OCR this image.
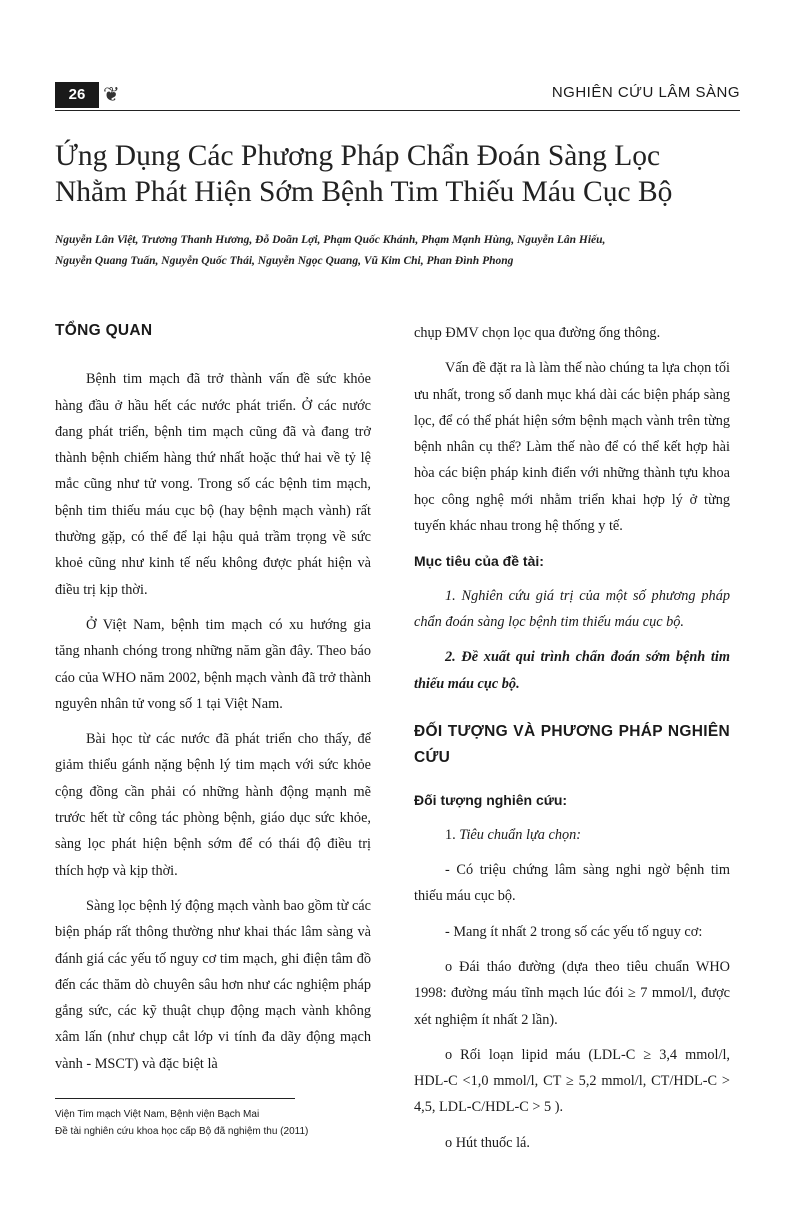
26 ❦	NGHIÊN CỨU LÂM SÀNG
Ứng Dụng Các Phương Pháp Chẩn Đoán Sàng Lọc
Nhằm Phát Hiện Sớm Bệnh Tim Thiếu Máu Cục Bộ
Nguyễn Lân Việt, Trương Thanh Hương, Đỗ Doãn Lợi, Phạm Quốc Khánh, Phạm Mạnh Hùng, Nguyễn Lân Hiếu,
Nguyễn Quang Tuấn, Nguyễn Quốc Thái, Nguyễn Ngọc Quang, Vũ Kim Chi, Phan Đình Phong
TỔNG QUAN

Bệnh tim mạch đã trở thành vấn đề sức khỏe hàng đầu ở hầu hết các nước phát triển. Ở các nước đang phát triển, bệnh tim mạch cũng đã và đang trở thành bệnh chiếm hàng thứ nhất hoặc thứ hai về tỷ lệ mắc cũng như tử vong. Trong số các bệnh tim mạch, bệnh tim thiếu máu cục bộ (hay bệnh mạch vành) rất thường gặp, có thể để lại hậu quả trầm trọng về sức khoẻ cũng như kinh tế nếu không được phát hiện và điều trị kịp thời.

Ở Việt Nam, bệnh tim mạch có xu hướng gia tăng nhanh chóng trong những năm gần đây. Theo báo cáo của WHO năm 2002, bệnh mạch vành đã trở thành nguyên nhân tử vong số 1 tại Việt Nam.

Bài học từ các nước đã phát triển cho thấy, để giảm thiểu gánh nặng bệnh lý tim mạch với sức khỏe cộng đồng cần phải có những hành động mạnh mẽ trước hết từ công tác phòng bệnh, giáo dục sức khỏe, sàng lọc phát hiện bệnh sớm để có thái độ điều trị thích hợp và kịp thời.

Sàng lọc bệnh lý động mạch vành bao gồm từ các biện pháp rất thông thường như khai thác lâm sàng và đánh giá các yếu tố nguy cơ tim mạch, ghi điện tâm đồ đến các thăm dò chuyên sâu hơn như các nghiệm pháp gắng sức, các kỹ thuật chụp động mạch vành không xâm lấn (như chụp cắt lớp vi tính đa dãy động mạch vành - MSCT) và đặc biệt là

chụp ĐMV chọn lọc qua đường ống thông.

Vấn đề đặt ra là làm thế nào chúng ta lựa chọn tối ưu nhất, trong số danh mục khá dài các biện pháp sàng lọc, để có thể phát hiện sớm bệnh mạch vành trên từng bệnh nhân cụ thể? Làm thế nào để có thể kết hợp hài hòa các biện pháp kinh điển với những thành tựu khoa học công nghệ mới nhằm triển khai hợp lý ở từng tuyến khác nhau trong hệ thống y tế.

Mục tiêu của đề tài:

1. Nghiên cứu giá trị của một số phương pháp chẩn đoán sàng lọc bệnh tim thiếu máu cục bộ.

2. Đề xuất qui trình chẩn đoán sớm bệnh tim thiếu máu cục bộ.

ĐỐI TƯỢNG VÀ PHƯƠNG PHÁP NGHIÊN CỨU
Đối tượng nghiên cứu:

1. Tiêu chuẩn lựa chọn:

- Có triệu chứng lâm sàng nghi ngờ bệnh tim thiếu máu cục bộ.

- Mang ít nhất 2 trong số các yếu tố nguy cơ:

o Đái tháo đường (dựa theo tiêu chuẩn WHO 1998: đường máu tĩnh mạch lúc đói ≥ 7 mmol/l, được xét nghiệm ít nhất 2 lần).

o Rối loạn lipid máu (LDL-C ≥ 3,4 mmol/l, HDL-C <1,0 mmol/l, CT ≥ 5,2 mmol/l, CT/HDL-C > 4,5, LDL-C/HDL-C > 5 ).

o Hút thuốc lá.

Viện Tim mạch Việt Nam, Bệnh viện Bạch Mai
Đề tài nghiên cứu khoa học cấp Bộ đã nghiệm thu (2011)
